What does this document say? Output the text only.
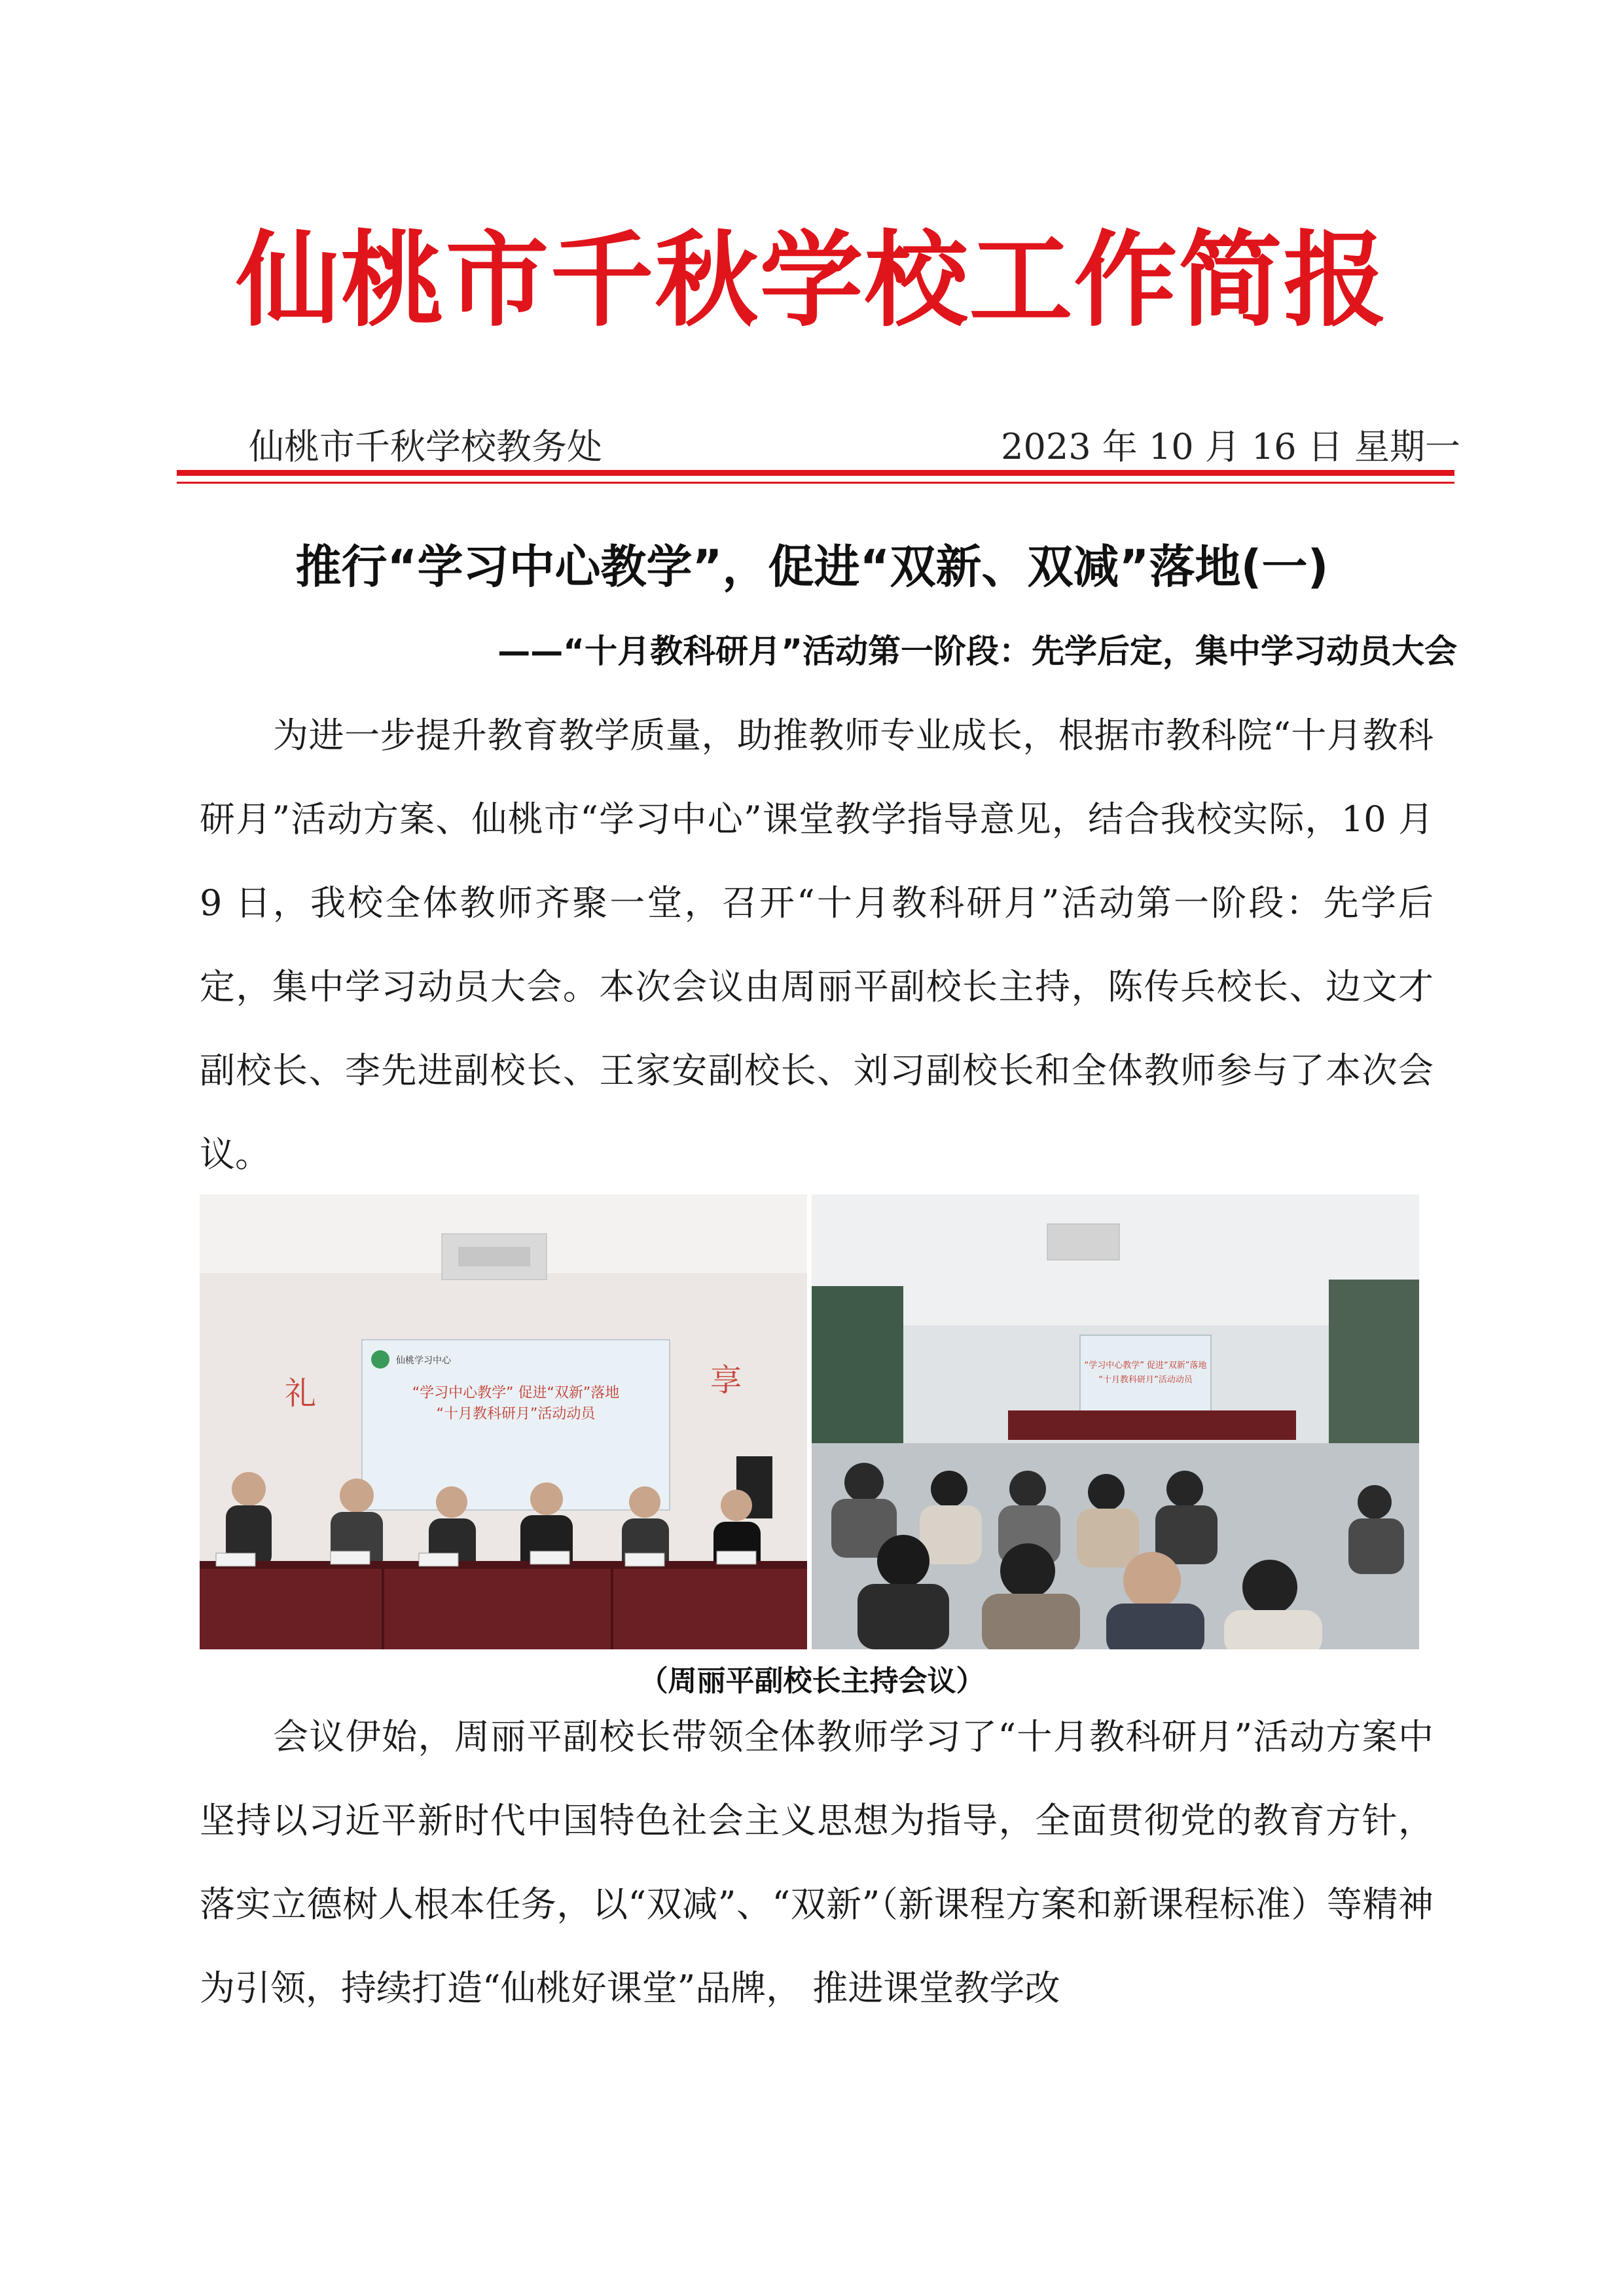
仙桃市千秋学校工作简报
仙桃市千秋学校教务处	2023 年 10 月 16 日 星期一
推行“学习中心教学”，促进“双新、双减”落地(一)
——“十月教科研月”活动第一阶段：先学后定，集中学习动员大会

为进一步提升教育教学质量，助推教师专业成长，根据市教科院“十月教科研月”活动方案、仙桃市“学习中心”课堂教学指导意见，结合我校实际，10 月 9 日，我校全体教师齐聚一堂，召开“十月教科研月”活动第一阶段：先学后定，集中学习动员大会。本次会议由周丽平副校长主持，陈传兵校长、边文才副校长、李先进副校长、王家安副校长、刘习副校长和全体教师参与了本次会议。

礼	享
仙桃学习中心
“学习中心教学” 促进“双新”落地
“十月教科研月”活动动员
“学习中心教学” 促进“双新”落地
“十月教科研月”活动动员
（周丽平副校长主持会议）

会议伊始，周丽平副校长带领全体教师学习了“十月教科研月”活动方案中坚持以习近平新时代中国特色社会主义思想为指导，全面贯彻党的教育方针，落实立德树人根本任务，以“双减”、“双新”（新课程方案和新课程标准）等精神为引领，持续打造“仙桃好课堂”品牌， 推进课堂教学改
